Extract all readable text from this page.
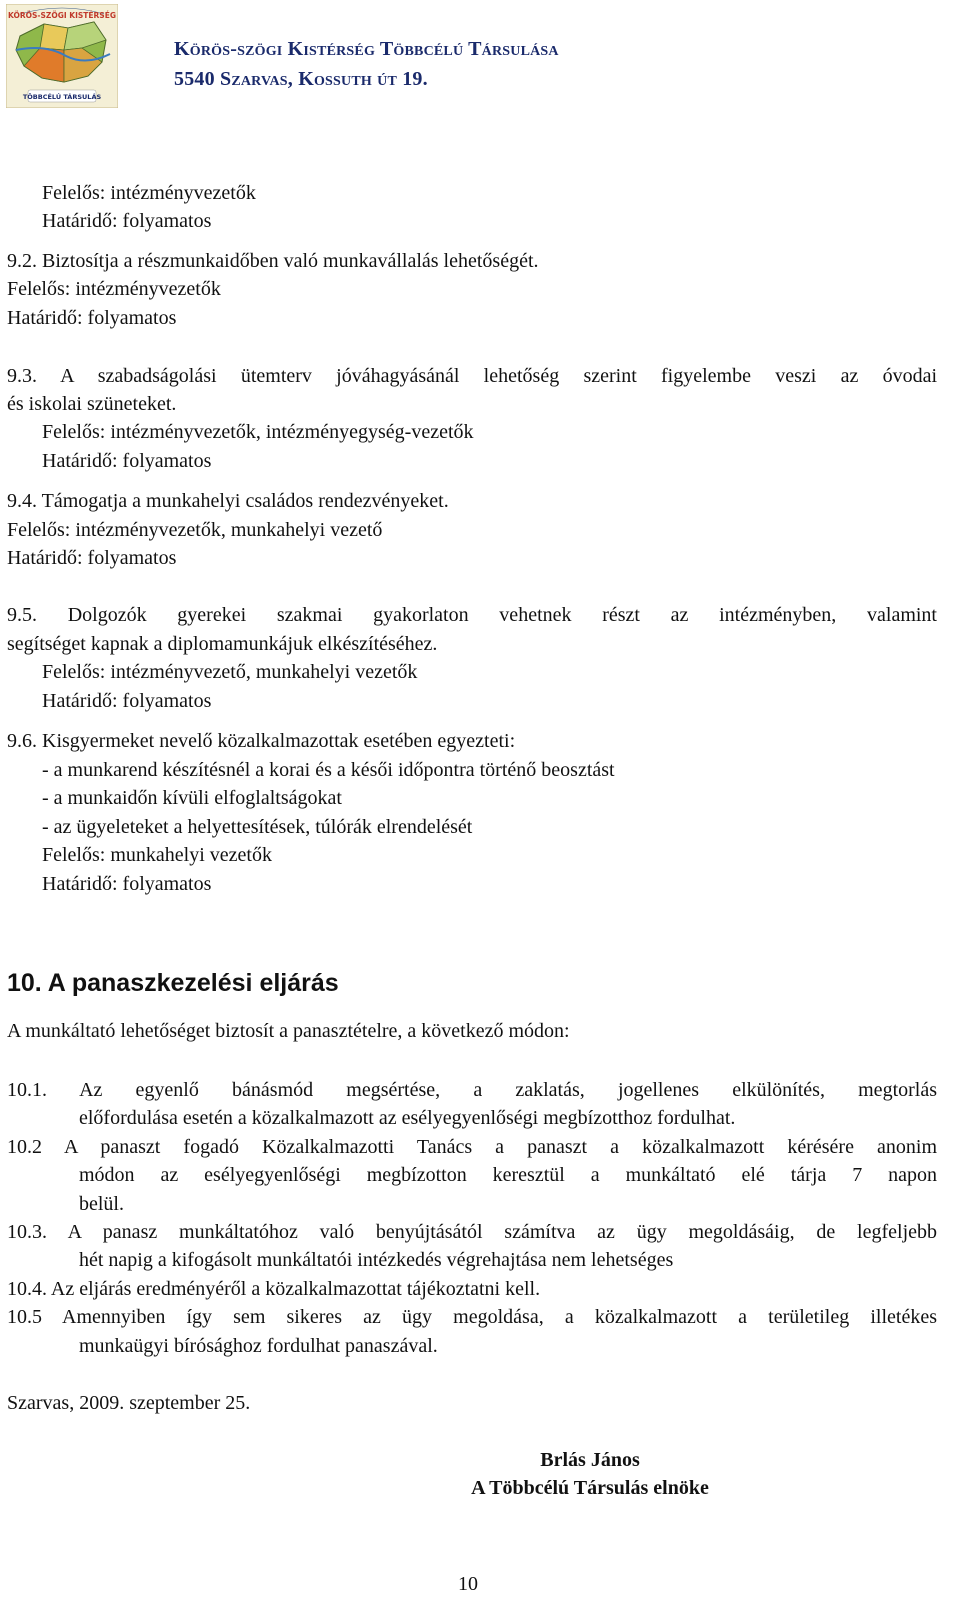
KÖRÖS-SZÖGI KISTÉRSÉG
TÖBBCÉLÚ TÁRSULÁS
Körös-szögi Kistérség Többcélú Társulása
5540 Szarvas, Kossuth út 19.
Felelős: intézményvezetők
Határidő: folyamatos
9.2. Biztosítja a részmunkaidőben való munkavállalás lehetőségét.
Felelős: intézményvezetők
Határidő: folyamatos
9.3. A szabadságolási ütemterv jóváhagyásánál lehetőség szerint figyelembe veszi az óvodai
és iskolai szüneteket.
Felelős: intézményvezetők, intézményegység-vezetők
Határidő: folyamatos
9.4. Támogatja a munkahelyi családos rendezvényeket.
Felelős: intézményvezetők, munkahelyi vezető
Határidő: folyamatos
9.5. Dolgozók gyerekei szakmai gyakorlaton vehetnek részt az intézményben, valamint
segítséget kapnak a diplomamunkájuk elkészítéséhez.
Felelős: intézményvezető, munkahelyi vezetők
Határidő: folyamatos
9.6. Kisgyermeket nevelő közalkalmazottak esetében egyezteti:
- a munkarend készítésnél a korai és a késői időpontra történő beosztást
- a munkaidőn kívüli elfoglaltságokat
- az ügyeleteket a helyettesítések, túlórák elrendelését
Felelős: munkahelyi vezetők
Határidő: folyamatos
10. A panaszkezelési eljárás
A munkáltató lehetőséget biztosít a panasztételre, a következő módon:
10.1. Az egyenlő bánásmód megsértése, a zaklatás, jogellenes elkülönítés, megtorlás
előfordulása esetén a közalkalmazott az esélyegyenlőségi megbízotthoz fordulhat.
10.2 A panaszt fogadó Közalkalmazotti Tanács a panaszt a közalkalmazott kérésére anonim
módon az esélyegyenlőségi megbízotton keresztül a munkáltató elé tárja 7 napon
belül.
10.3. A panasz munkáltatóhoz való benyújtásától számítva az ügy megoldásáig, de legfeljebb
hét napig a kifogásolt munkáltatói intézkedés végrehajtása nem lehetséges
10.4. Az eljárás eredményéről a közalkalmazottat tájékoztatni kell.
10.5 Amennyiben így sem sikeres az ügy megoldása, a közalkalmazott a területileg illetékes
munkaügyi bírósághoz fordulhat panaszával.
Szarvas, 2009. szeptember 25.
Brlás János
A Többcélú Társulás elnöke
10
